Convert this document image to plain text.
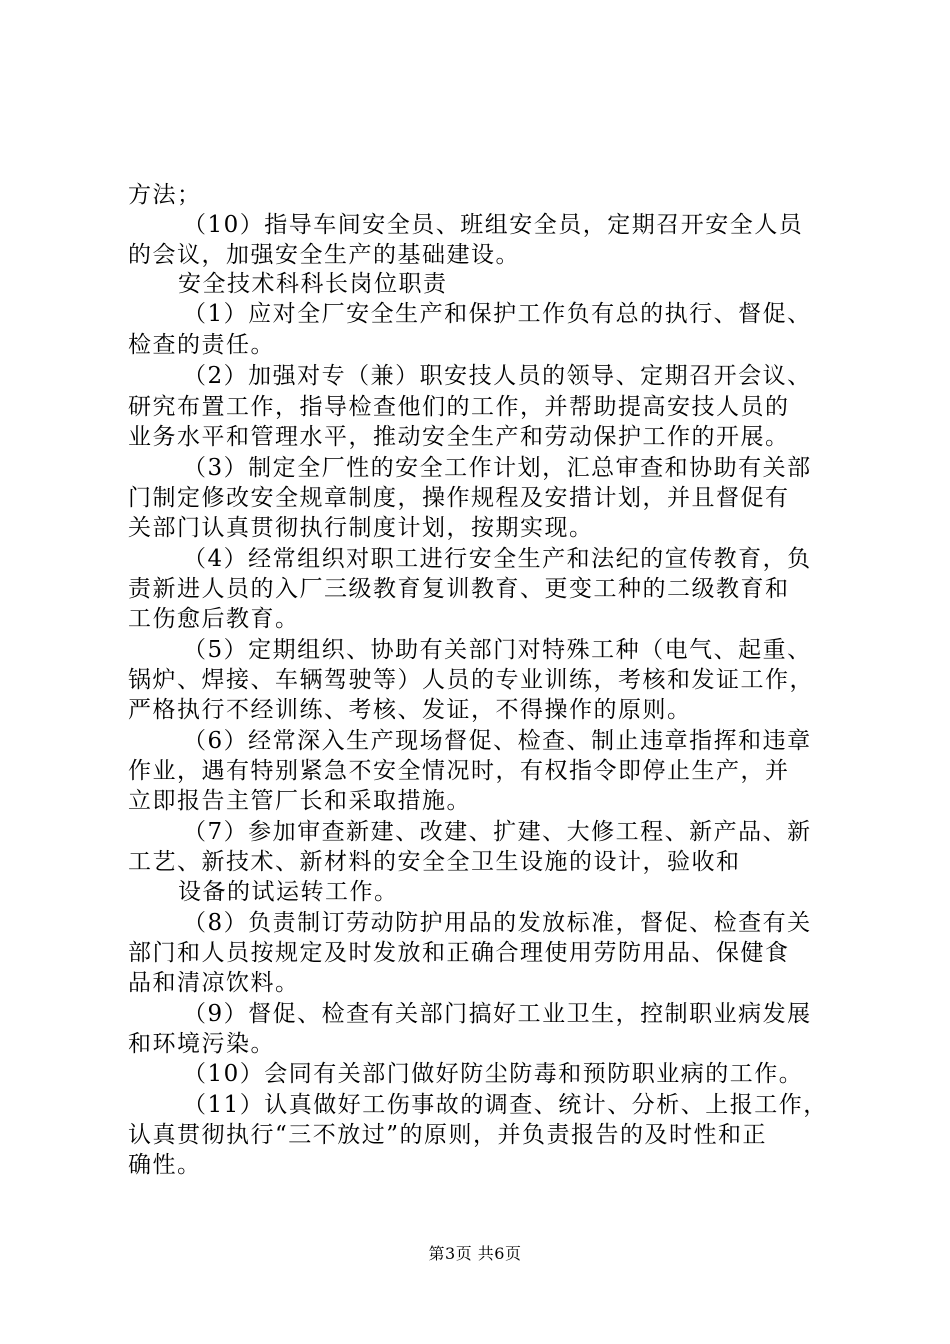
方法；
（10）指导车间安全员、班组安全员，定期召开安全人员
的会议，加强安全生产的基础建设。
安全技术科科长岗位职责
（1）应对全厂安全生产和保护工作负有总的执行、督促、
检查的责任。
（2）加强对专（兼）职安技人员的领导、定期召开会议、
研究布置工作，指导检查他们的工作，并帮助提高安技人员的
业务水平和管理水平，推动安全生产和劳动保护工作的开展。
（3）制定全厂性的安全工作计划，汇总审查和协助有关部
门制定修改安全规章制度，操作规程及安措计划，并且督促有
关部门认真贯彻执行制度计划，按期实现。
（4）经常组织对职工进行安全生产和法纪的宣传教育，负
责新进人员的入厂三级教育复训教育、更变工种的二级教育和
工伤愈后教育。
（5）定期组织、协助有关部门对特殊工种（电气、起重、
锅炉、焊接、车辆驾驶等）人员的专业训练，考核和发证工作，
严格执行不经训练、考核、发证，不得操作的原则。
（6）经常深入生产现场督促、检查、制止违章指挥和违章
作业，遇有特别紧急不安全情况时，有权指令即停止生产，并
立即报告主管厂长和采取措施。
（7）参加审查新建、改建、扩建、大修工程、新产品、新
工艺、新技术、新材料的安全全卫生设施的设计，验收和
设备的试运转工作。
（8）负责制订劳动防护用品的发放标准，督促、检查有关
部门和人员按规定及时发放和正确合理使用劳防用品、保健食
品和清凉饮料。
（9）督促、检查有关部门搞好工业卫生，控制职业病发展
和环境污染。
（10）会同有关部门做好防尘防毒和预防职业病的工作。
（11）认真做好工伤事故的调查、统计、分析、上报工作，
认真贯彻执行“三不放过”的原则，并负责报告的及时性和正
确性。
第3页 共6页
